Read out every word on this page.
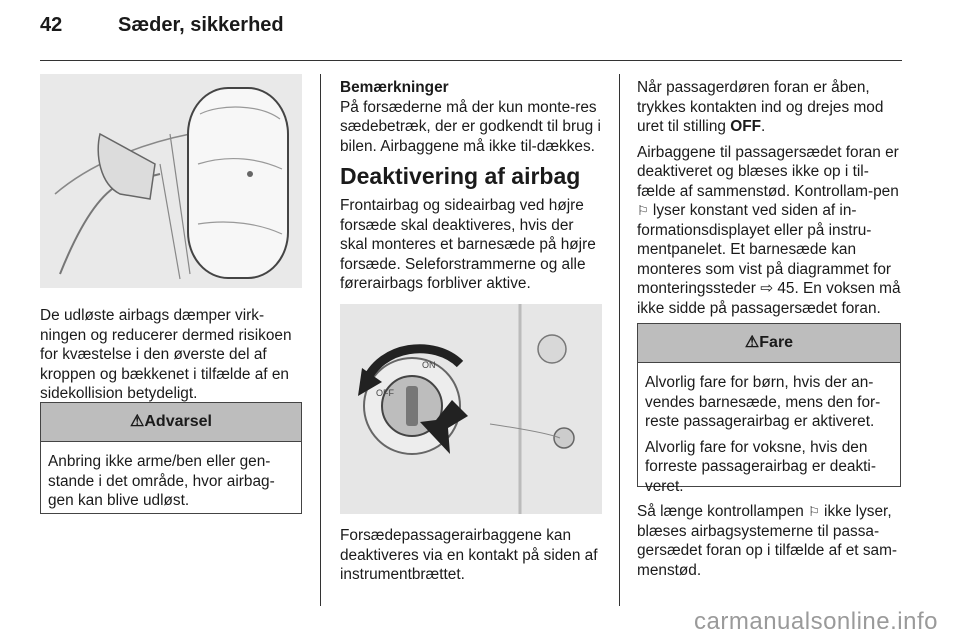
42	Sæder, sikkerhed

De udløste airbags dæmper virk-ningen og reducerer dermed risikoen for kvæstelse i den øverste del af kroppen og bækkenet i tilfælde af en sidekollision betydeligt.

⚠Advarsel

Anbring ikke arme/ben eller gen-stande i det område, hvor airbag-gen kan blive udløst.

Bemærkninger

På forsæderne må der kun monte-res sædebetræk, der er godkendt til brug i bilen. Airbaggene må ikke til-dækkes.

Deaktivering af airbag

Frontairbag og sideairbag ved højre forsæde skal deaktiveres, hvis der skal monteres et barnesæde på højre forsæde. Seleforstrammerne og alle førerairbags forbliver aktive.

ON
OFF

Forsædepassagerairbaggene kan deaktiveres via en kontakt på siden af instrumentbrættet.

Når passagerdøren foran er åben, trykkes kontakten ind og drejes mod uret til stilling OFF.

Airbaggene til passagersædet foran er deaktiveret og blæses ikke op i til-fælde af sammenstød. Kontrollam-pen ⚐ lyser konstant ved siden af in-formationsdisplayet eller på instru-mentpanelet. Et barnesæde kan monteres som vist på diagrammet for monteringssteder ⇨ 45. En voksen må ikke sidde på passagersædet foran.

⚠Fare

Alvorlig fare for børn, hvis der an-vendes barnesæde, mens den for-reste passagerairbag er aktiveret.

Alvorlig fare for voksne, hvis den forreste passagerairbag er deakti-veret.

Så længe kontrollampen ⚐ ikke lyser, blæses airbagsystemerne til passa-gersædet foran op i tilfælde af et sam-menstød.

carmanualsonline.info
